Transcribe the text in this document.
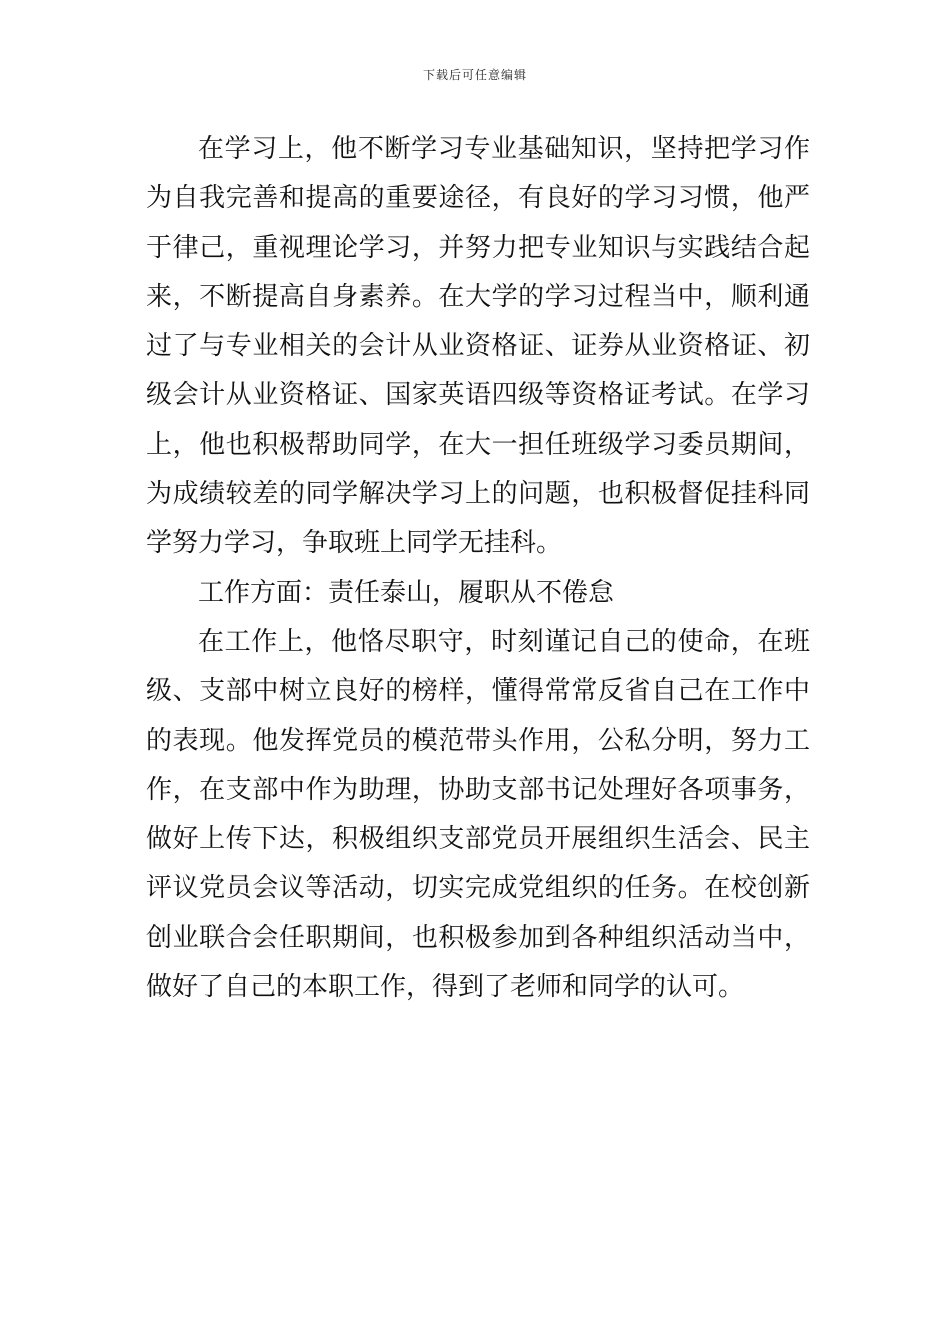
下载后可任意编辑

在学习上，他不断学习专业基础知识，坚持把学习作为自我完善和提高的重要途径，有良好的学习习惯，他严于律己，重视理论学习，并努力把专业知识与实践结合起来，不断提高自身素养。在大学的学习过程当中，顺利通过了与专业相关的会计从业资格证、证券从业资格证、初级会计从业资格证、国家英语四级等资格证考试。在学习上，他也积极帮助同学，在大一担任班级学习委员期间，为成绩较差的同学解决学习上的问题，也积极督促挂科同学努力学习，争取班上同学无挂科。

工作方面：责任泰山，履职从不倦怠

在工作上，他恪尽职守，时刻谨记自己的使命，在班级、支部中树立良好的榜样，懂得常常反省自己在工作中的表现。他发挥党员的模范带头作用，公私分明，努力工作，在支部中作为助理，协助支部书记处理好各项事务，做好上传下达，积极组织支部党员开展组织生活会、民主评议党员会议等活动，切实完成党组织的任务。在校创新创业联合会任职期间，也积极参加到各种组织活动当中，做好了自己的本职工作，得到了老师和同学的认可。
